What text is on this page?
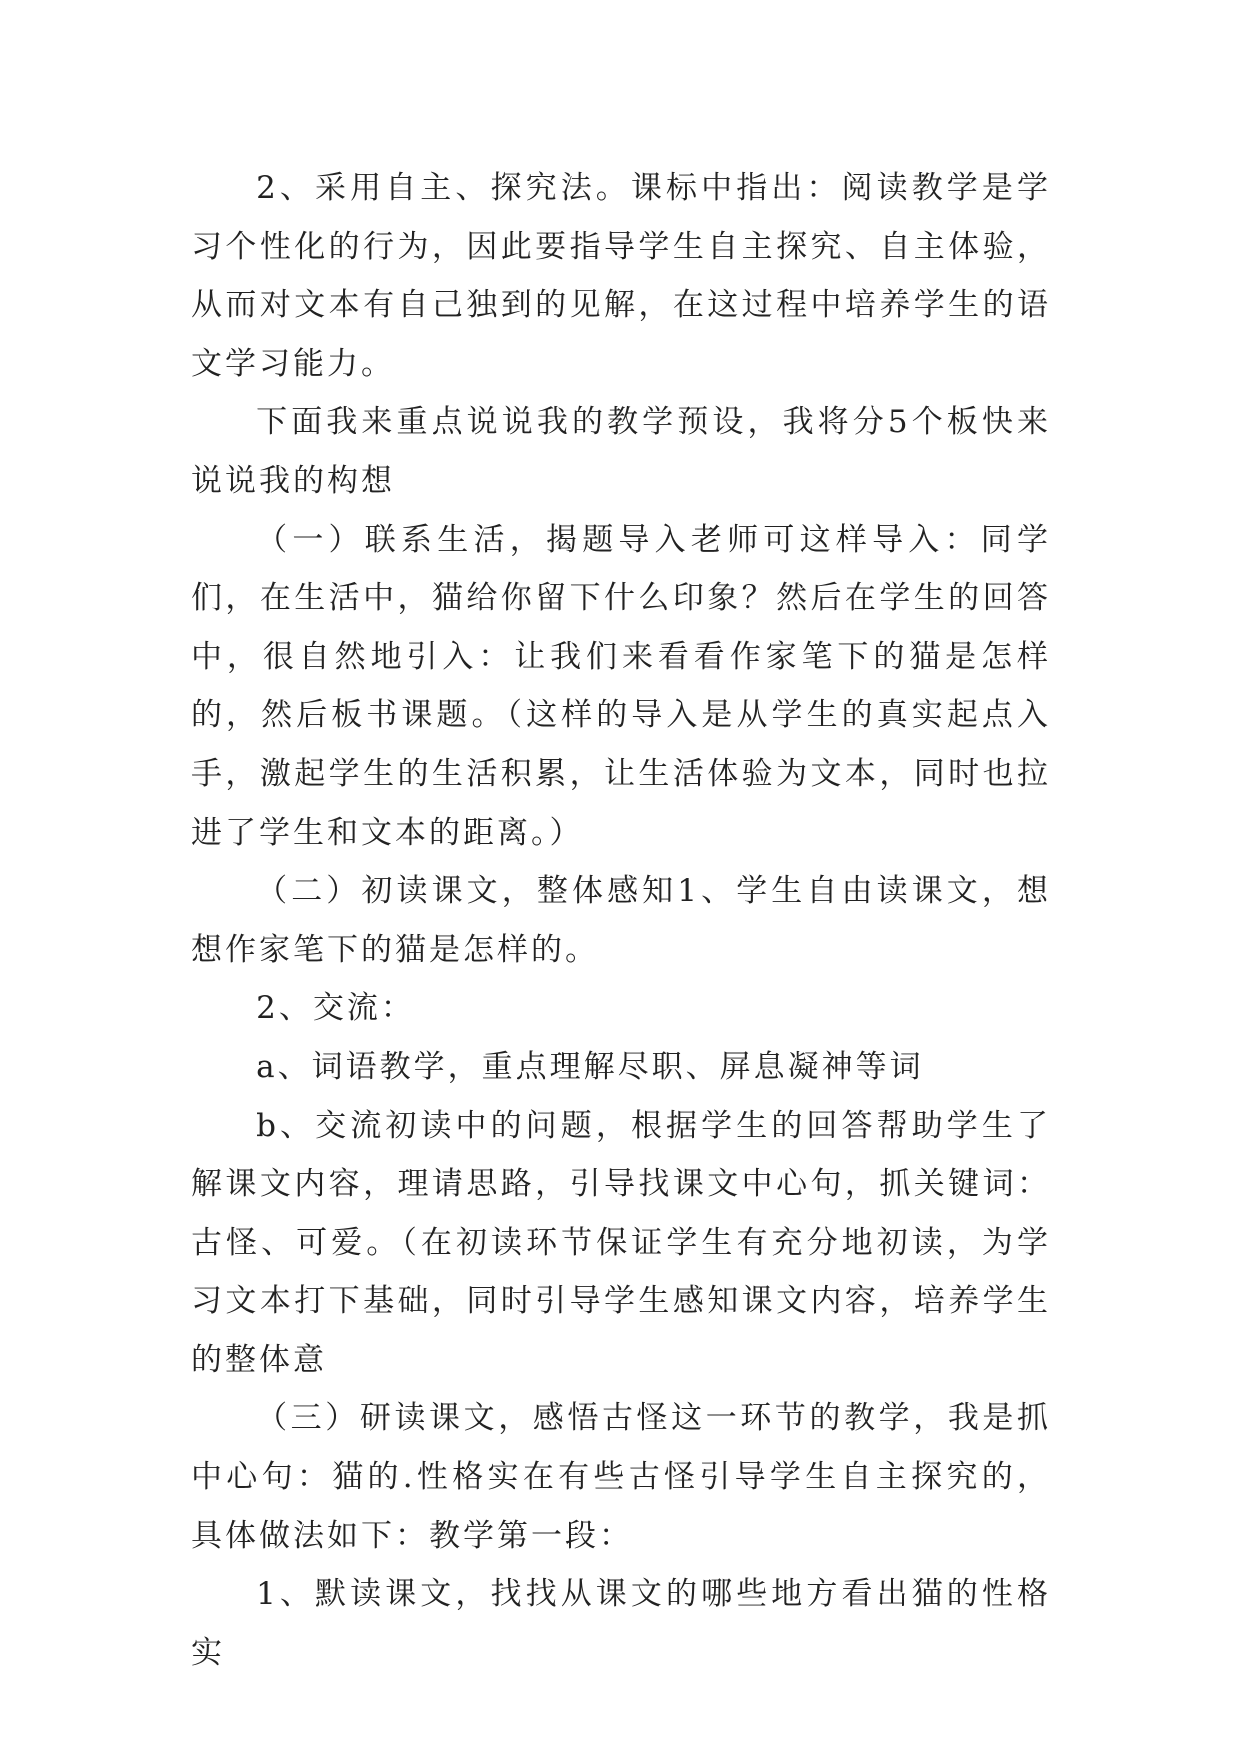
2、采用自主、探究法。课标中指出：阅读教学是学习个性化的行为，因此要指导学生自主探究、自主体验，从而对文本有自己独到的见解，在这过程中培养学生的语文学习能力。

下面我来重点说说我的教学预设，我将分5个板快来说说我的构想

（一）联系生活，揭题导入老师可这样导入：同学们，在生活中，猫给你留下什么印象？然后在学生的回答中，很自然地引入：让我们来看看作家笔下的猫是怎样的，然后板书课题。（这样的导入是从学生的真实起点入手，激起学生的生活积累，让生活体验为文本，同时也拉进了学生和文本的距离。）

（二）初读课文，整体感知1、学生自由读课文，想想作家笔下的猫是怎样的。

2、交流：

a、词语教学，重点理解尽职、屏息凝神等词

b、交流初读中的问题，根据学生的回答帮助学生了解课文内容，理请思路，引导找课文中心句，抓关键词：古怪、可爱。（在初读环节保证学生有充分地初读，为学习文本打下基础，同时引导学生感知课文内容，培养学生的整体意

（三）研读课文，感悟古怪这一环节的教学，我是抓中心句：猫的.性格实在有些古怪引导学生自主探究的，具体做法如下：教学第一段：

1、默读课文，找找从课文的哪些地方看出猫的性格实
